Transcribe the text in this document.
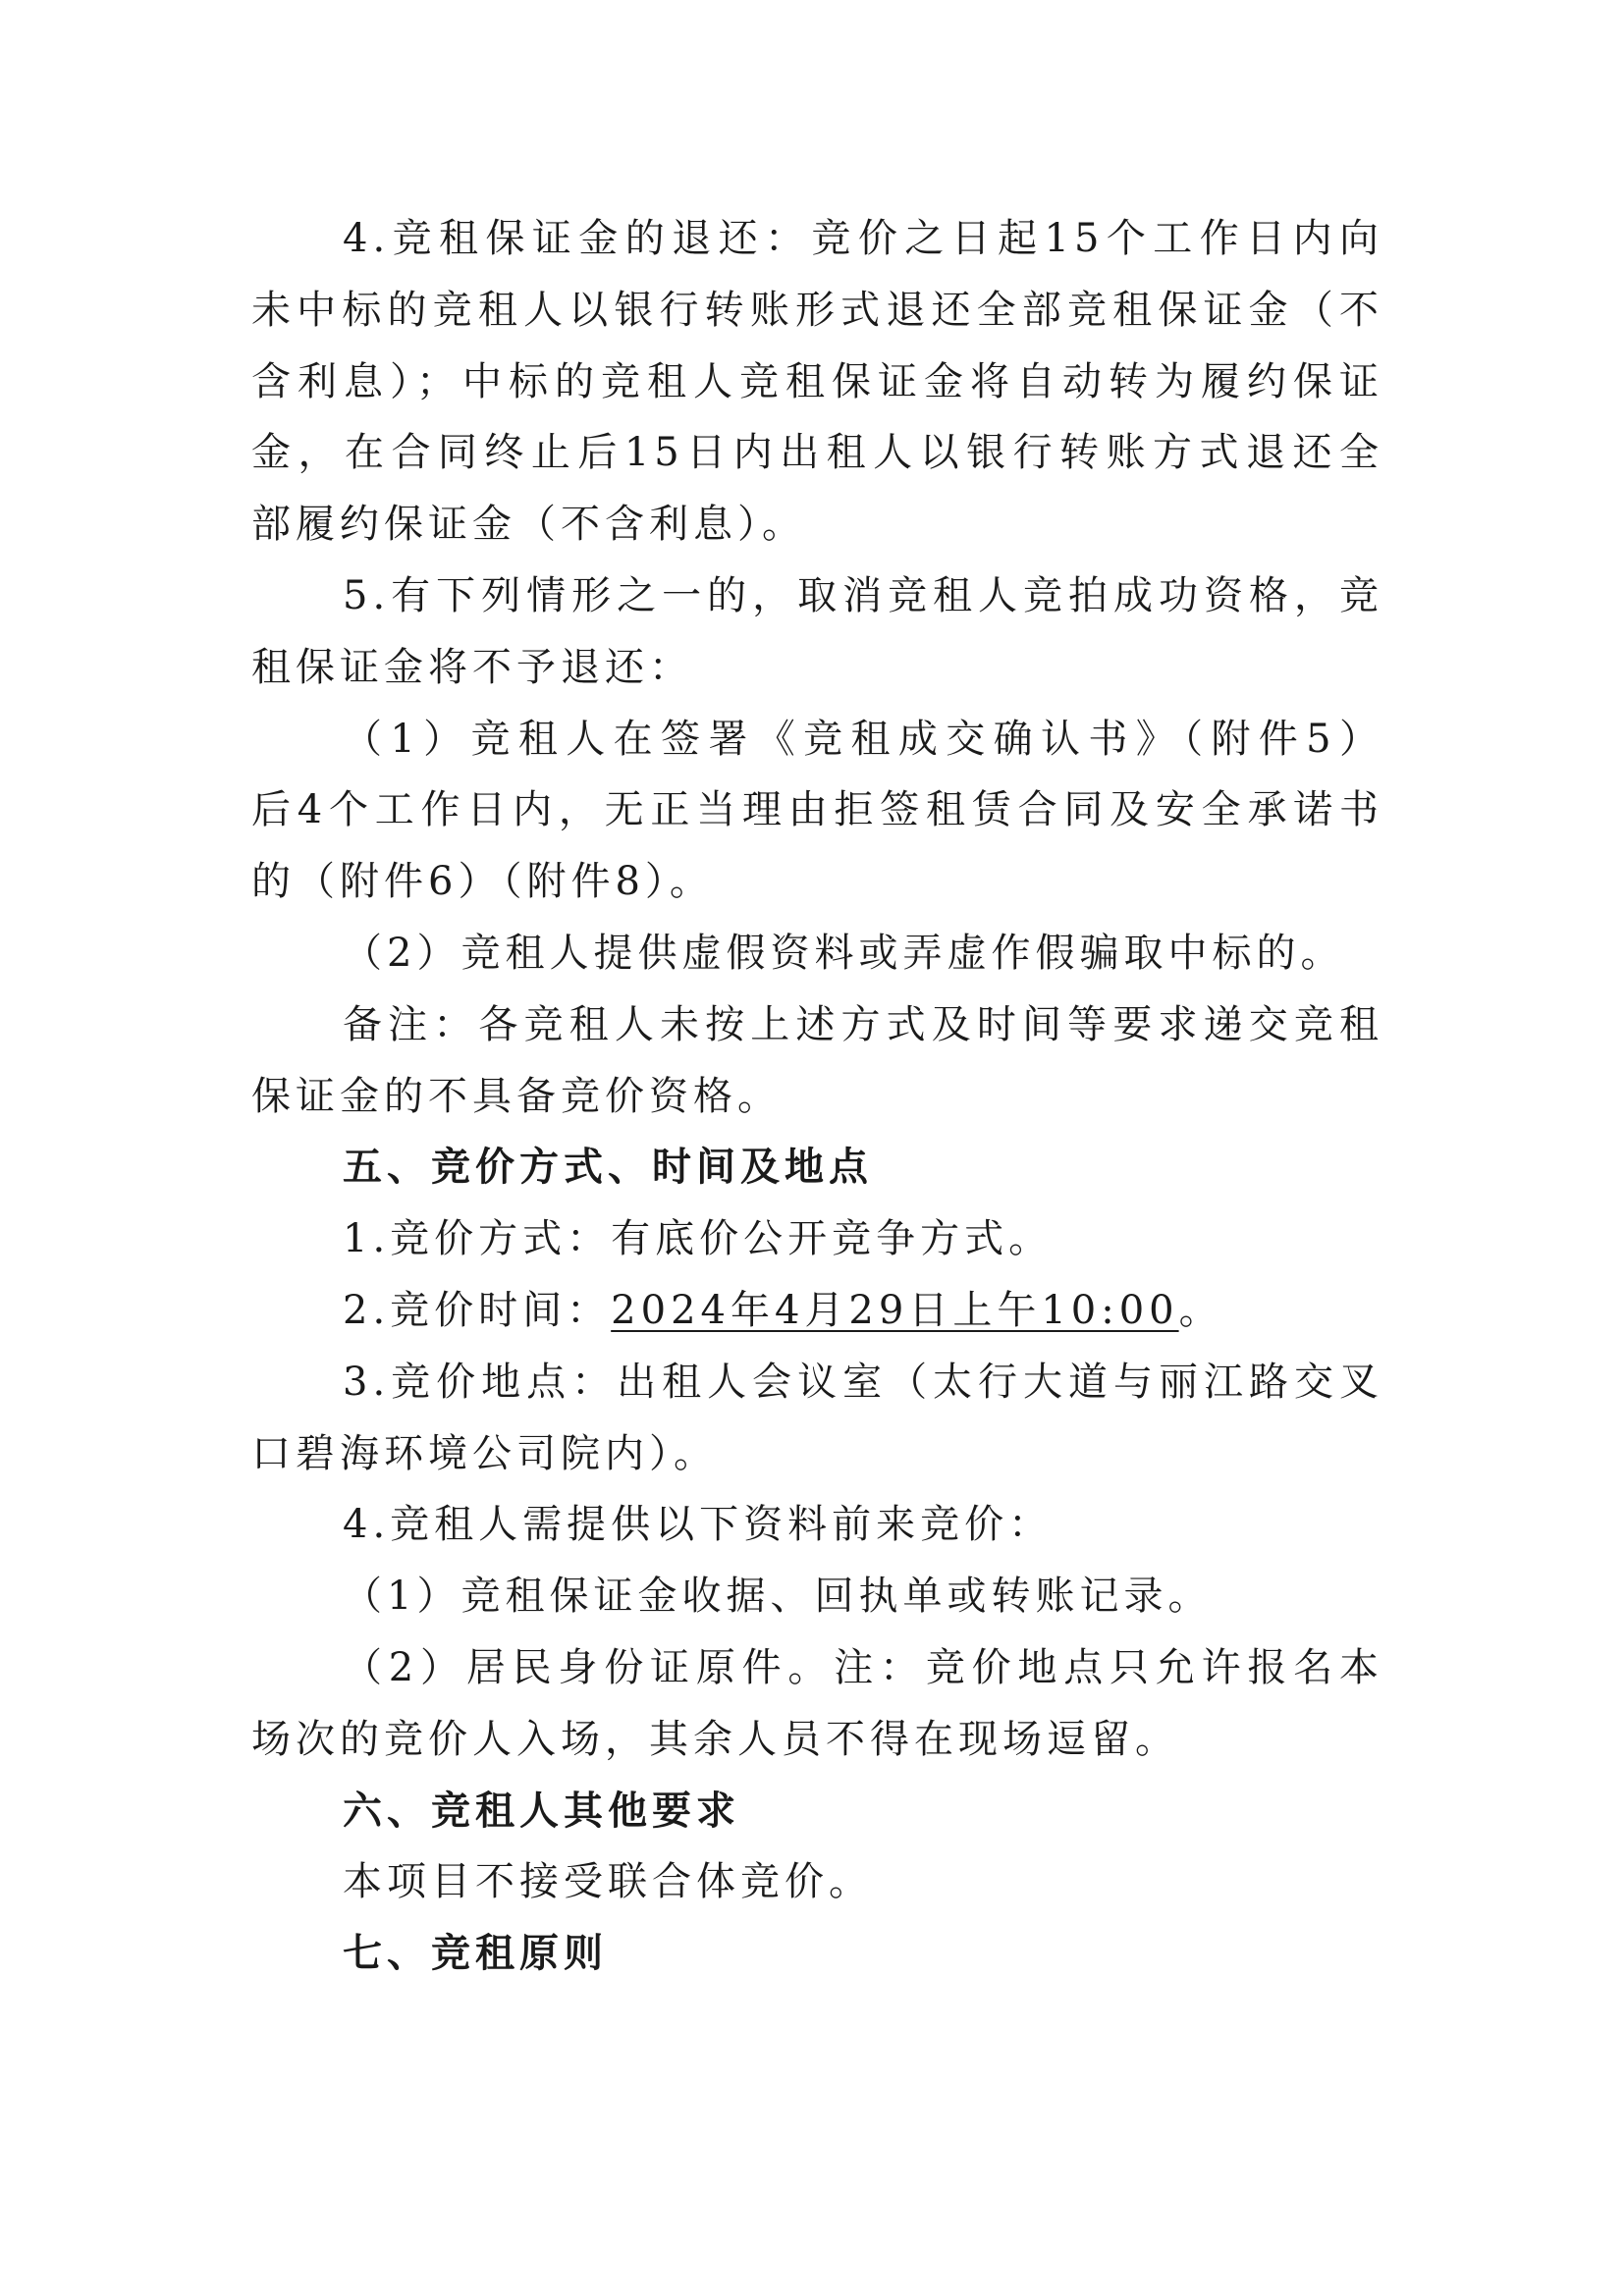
4.竞租保证金的退还：竞价之日起15个工作日内向
未中标的竞租人以银行转账形式退还全部竞租保证金（不
含利息）；中标的竞租人竞租保证金将自动转为履约保证
金，在合同终止后15日内出租人以银行转账方式退还全
部履约保证金（不含利息）。
5.有下列情形之一的，取消竞租人竞拍成功资格，竞
租保证金将不予退还：
（1）竞租人在签署《竞租成交确认书》（附件5）
后4个工作日内，无正当理由拒签租赁合同及安全承诺书
的（附件6）（附件8）。
（2）竞租人提供虚假资料或弄虚作假骗取中标的。
备注：各竞租人未按上述方式及时间等要求递交竞租
保证金的不具备竞价资格。
五、竞价方式、时间及地点
1.竞价方式：有底价公开竞争方式。
2.竞价时间：2024年4月29日上午10:00。
3.竞价地点：出租人会议室（太行大道与丽江路交叉
口碧海环境公司院内）。
4.竞租人需提供以下资料前来竞价：
（1）竞租保证金收据、回执单或转账记录。
（2）居民身份证原件。注：竞价地点只允许报名本
场次的竞价人入场，其余人员不得在现场逗留。
六、竞租人其他要求
本项目不接受联合体竞价。
七、竞租原则
